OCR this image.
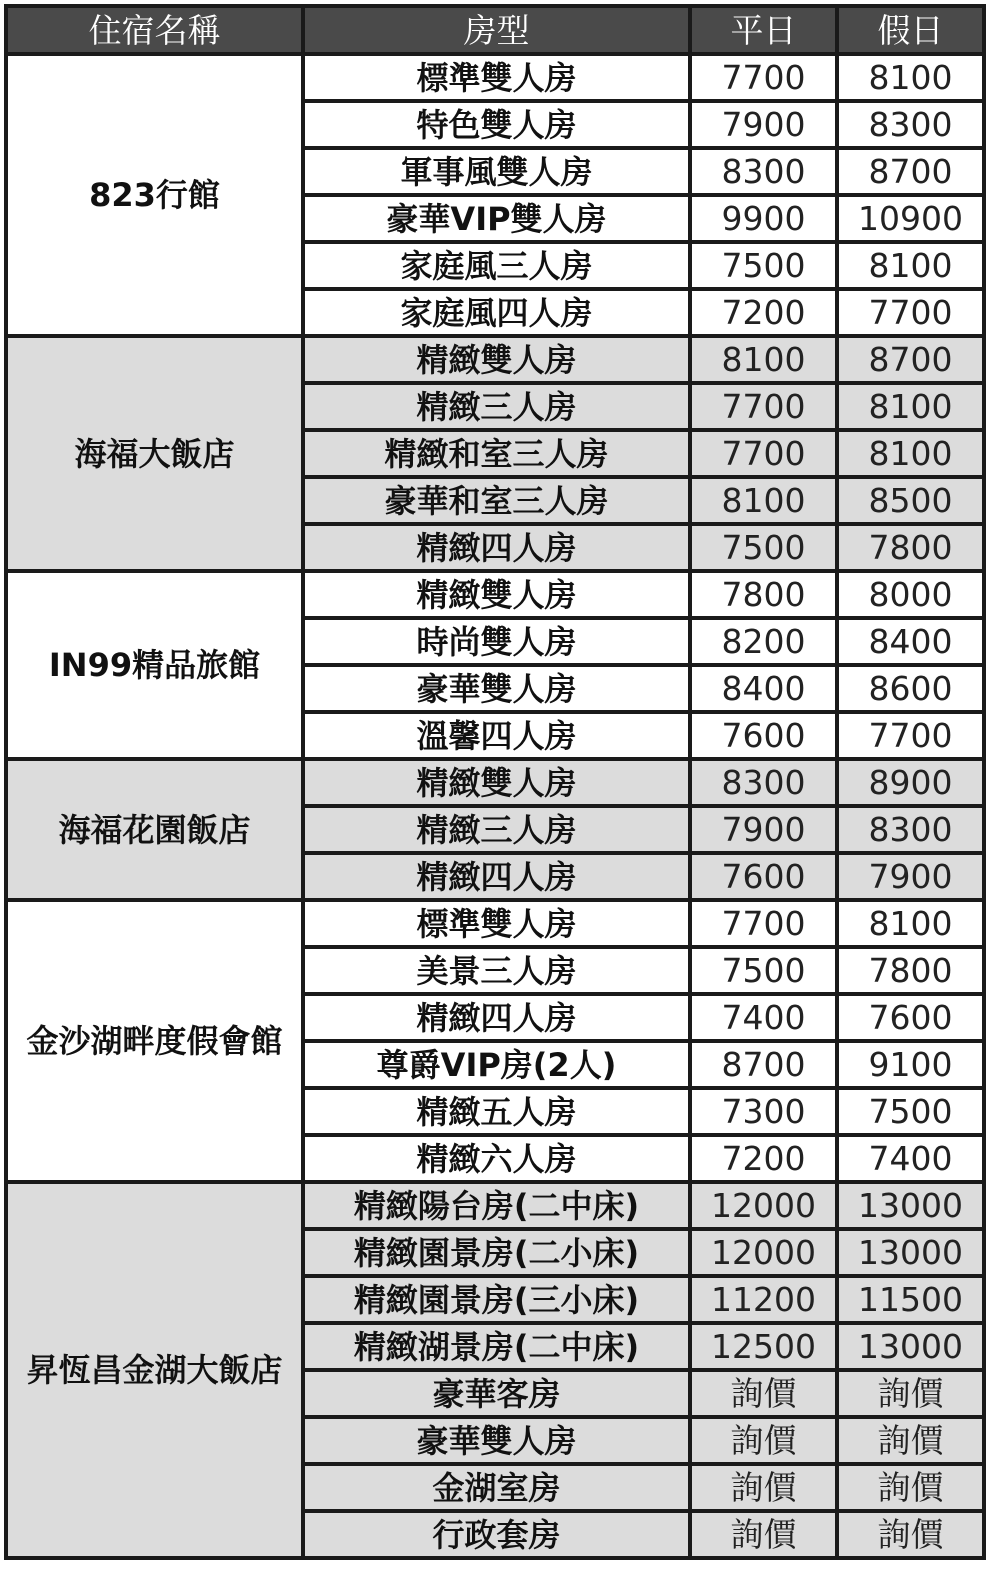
住宿名稱	房型	平日	假日
823行館	標準雙人房	7700	8100
	特色雙人房	7900	8300
	軍事風雙人房	8300	8700
	豪華VIP雙人房	9900	10900
	家庭風三人房	7500	8100
	家庭風四人房	7200	7700
海福大飯店	精緻雙人房	8100	8700
	精緻三人房	7700	8100
	精緻和室三人房	7700	8100
	豪華和室三人房	8100	8500
	精緻四人房	7500	7800
IN99精品旅館	精緻雙人房	7800	8000
	時尚雙人房	8200	8400
	豪華雙人房	8400	8600
	溫馨四人房	7600	7700
海福花園飯店	精緻雙人房	8300	8900
	精緻三人房	7900	8300
	精緻四人房	7600	7900
金沙湖畔度假會館	標準雙人房	7700	8100
	美景三人房	7500	7800
	精緻四人房	7400	7600
	尊爵VIP房(2人)	8700	9100
	精緻五人房	7300	7500
	精緻六人房	7200	7400
昇恆昌金湖大飯店	精緻陽台房(二中床)	12000	13000
	精緻園景房(二小床)	12000	13000
	精緻園景房(三小床)	11200	11500
	精緻湖景房(二中床)	12500	13000
	豪華客房	詢價	詢價
	豪華雙人房	詢價	詢價
	金湖室房	詢價	詢價
	行政套房	詢價	詢價
